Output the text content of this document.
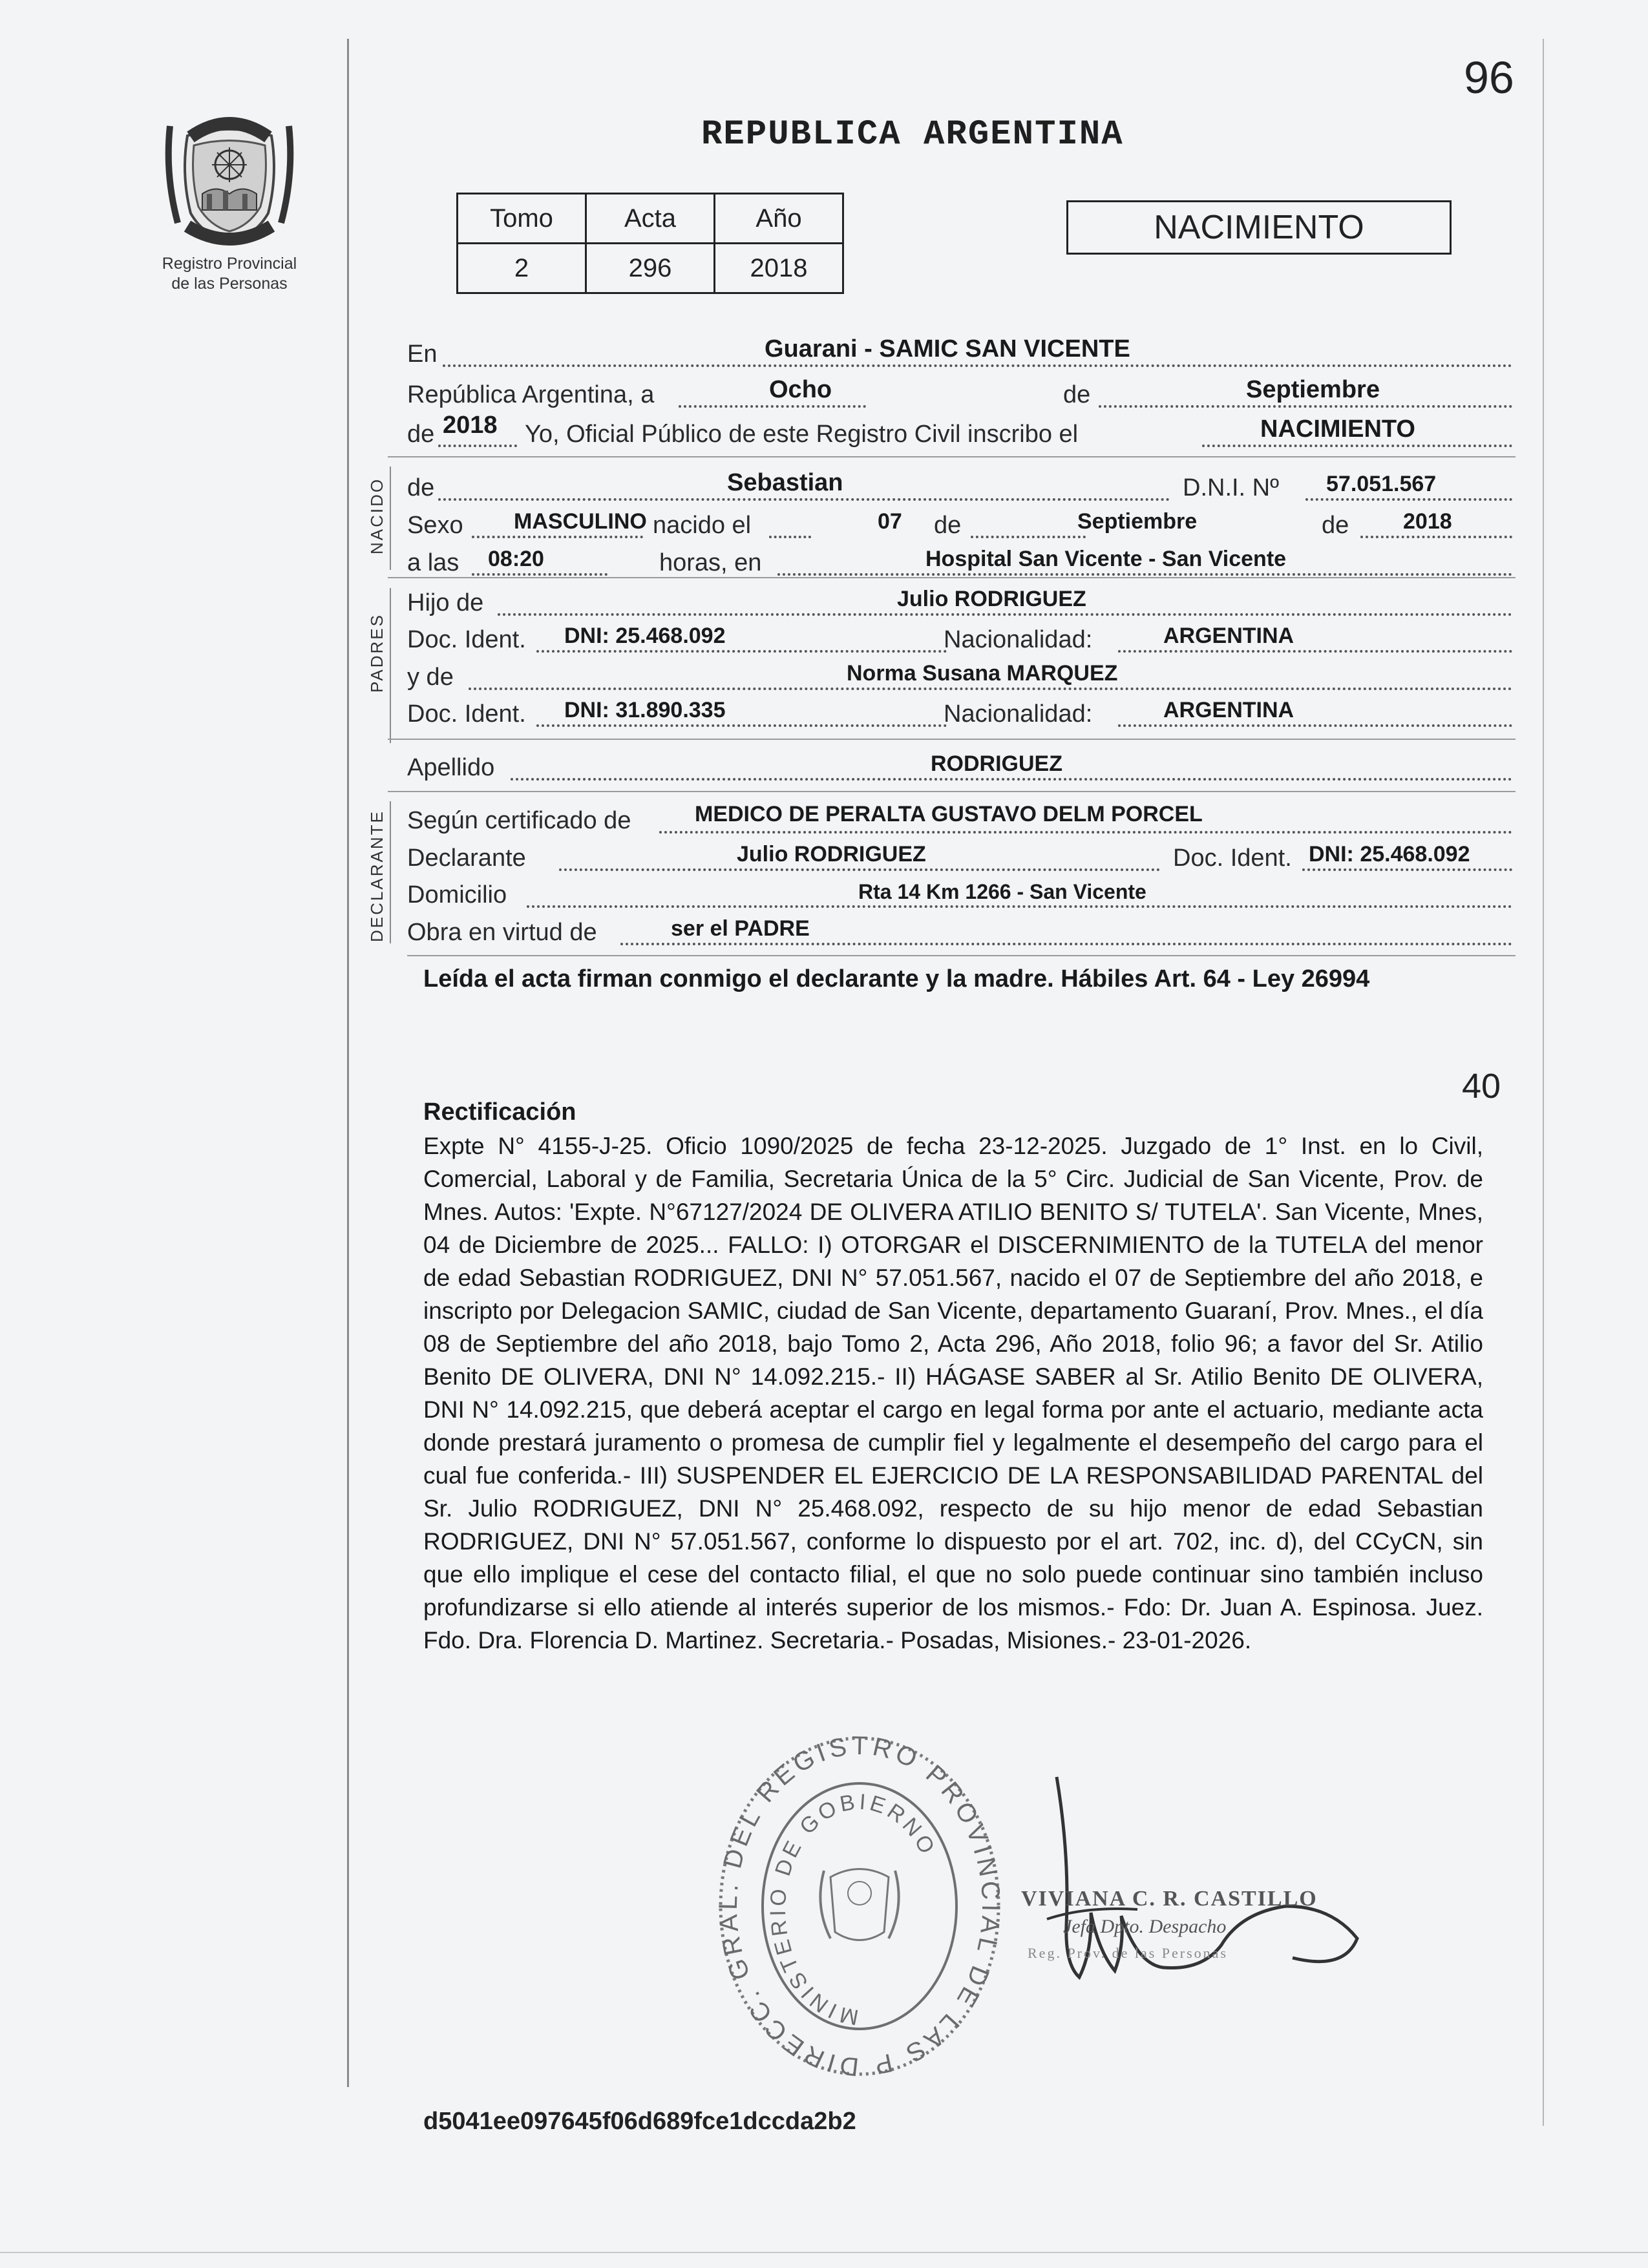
96
Registro Provincial
de las Personas
REPUBLICA ARGENTINA
Tomo	Acta	Año
2	296	2018
NACIMIENTO
En	Guarani - SAMIC SAN VICENTE
República Argentina, a	Ocho	de	Septiembre
de 2018 Yo, Oficial Público de este Registro Civil inscribo el	NACIMIENTO
NACIDO de	Sebastian	D.N.I. Nº 57.051.567
Sexo MASCULINO nacido el	07 de	Septiembre	de 2018
a las 08:20	horas, en	Hospital San Vicente - San Vicente
PADRES
Hijo de	Julio RODRIGUEZ
Doc. Ident. DNI: 25.468.092	Nacionalidad:	ARGENTINA
y de	Norma Susana MARQUEZ
Doc. Ident. DNI: 31.890.335	Nacionalidad:	ARGENTINA
Apellido	RODRIGUEZ
DECLARANTE Según certificado de	MEDICO DE PERALTA GUSTAVO DELM PORCEL
Declarante	Julio RODRIGUEZ	Doc. Ident. DNI: 25.468.092
Domicilio	Rta 14 Km 1266 - San Vicente
Obra en virtud de	ser el PADRE
Leída el acta firman conmigo el declarante y la madre. Hábiles Art. 64 - Ley 26994
40
Rectificación
Expte N° 4155-J-25. Oficio 1090/2025 de fecha 23-12-2025. Juzgado de 1° Inst. en lo Civil, Comercial, Laboral y de Familia, Secretaria Única de la 5° Circ. Judicial de San Vicente, Prov. de Mnes. Autos: 'Expte. N°67127/2024 DE OLIVERA ATILIO BENITO S/ TUTELA'. San Vicente, Mnes, 04 de Diciembre de 2025... FALLO: I) OTORGAR el DISCERNIMIENTO de la TUTELA del menor de edad Sebastian RODRIGUEZ, DNI N° 57.051.567, nacido el 07 de Septiembre del año 2018, e inscripto por Delegacion SAMIC, ciudad de San Vicente, departamento Guaraní, Prov. Mnes., el día 08 de Septiembre del año 2018, bajo Tomo 2, Acta 296, Año 2018, folio 96; a favor del Sr. Atilio Benito DE OLIVERA, DNI N° 14.092.215.- II) HÁGASE SABER al Sr. Atilio Benito DE OLIVERA, DNI N° 14.092.215, que deberá aceptar el cargo en legal forma por ante el actuario, mediante acta donde prestará juramento o promesa de cumplir fiel y legalmente el desempeño del cargo para el cual fue conferida.- III) SUSPENDER EL EJERCICIO DE LA RESPONSABILIDAD PARENTAL del Sr. Julio RODRIGUEZ, DNI N° 25.468.092, respecto de su hijo menor de edad Sebastian RODRIGUEZ, DNI N° 57.051.567, conforme lo dispuesto por el art. 702, inc. d), del CCyCN, sin que ello implique el cese del contacto filial, el que no solo puede continuar sino también incluso profundizarse si ello atiende al interés superior de los mismos.- Fdo: Dr. Juan A. Espinosa. Juez. Fdo. Dra. Florencia D. Martinez. Secretaria.- Posadas, Misiones.- 23-01-2026.
DIRECC. GRAL. DEL REGISTRO PROVINCIAL DE LAS P
MINISTERIO DE GOBIERNO
VIVIANA C. R. CASTILLO
Jefa Dpto. Despacho
Reg. Prov. de las Personas
d5041ee097645f06d689fce1dccda2b2
